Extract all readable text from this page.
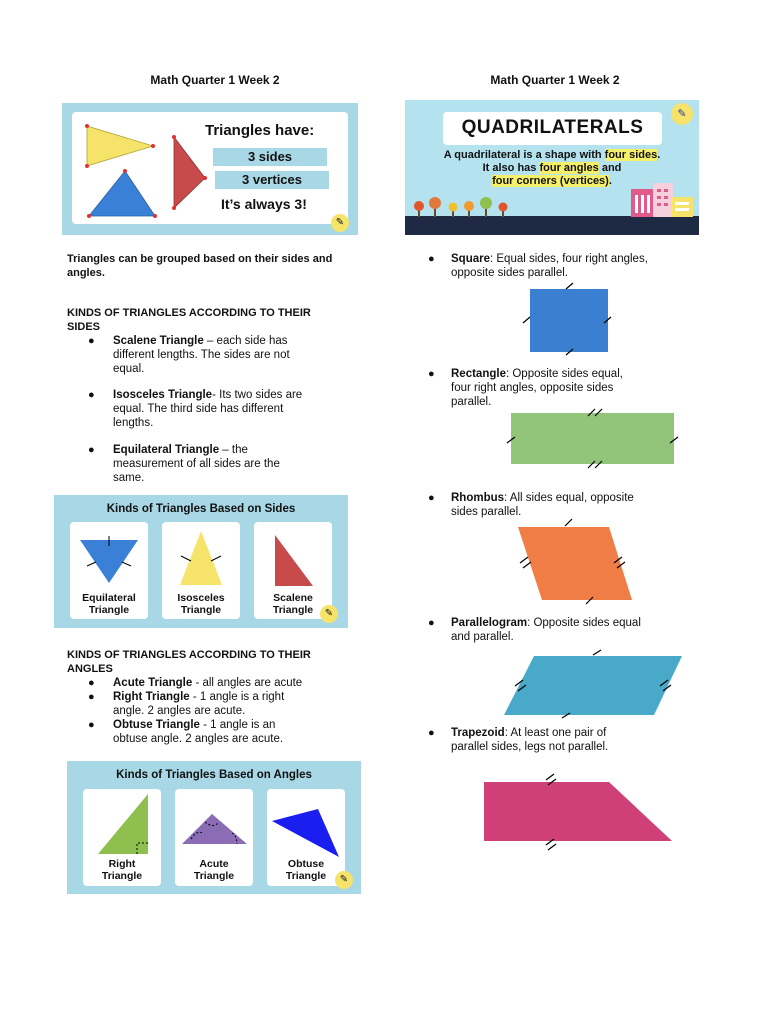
Math Quarter 1 Week 2	Math Quarter 1 Week 2
Triangles have:
3 sides
3 vertices
It’s always 3!
✎
Triangles can be grouped based on their sides and angles.
KINDS OF TRIANGLES ACCORDING TO THEIR
SIDES
● Scalene Triangle – each side has
different lengths. The sides are not
equal.
● Isosceles Triangle- Its two sides are
equal. The third side has different
lengths.
● Equilateral Triangle – the
measurement of all sides are the
same.
Kinds of Triangles Based on Sides
Equilateral
Triangle
Isosceles
Triangle
Scalene
Triangle	✎
KINDS OF TRIANGLES ACCORDING TO THEIR
ANGLES
● Acute Triangle - all angles are acute
● Right Triangle - 1 angle is a right
angle. 2 angles are acute.
● Obtuse Triangle - 1 angle is an
obtuse angle. 2 angles are acute.
Kinds of Triangles Based on Angles
Right
Triangle
Acute
Triangle
Obtuse
Triangle	✎
✎
QUADRILATERALS
A quadrilateral is a shape with four sides.
It also has four angles and
four corners (vertices).
● Square: Equal sides, four right angles,
opposite sides parallel.
● Rectangle: Opposite sides equal,
four right angles, opposite sides
parallel.
● Rhombus: All sides equal, opposite
sides parallel.
● Parallelogram: Opposite sides equal
and parallel.
● Trapezoid: At least one pair of
parallel sides, legs not parallel.
